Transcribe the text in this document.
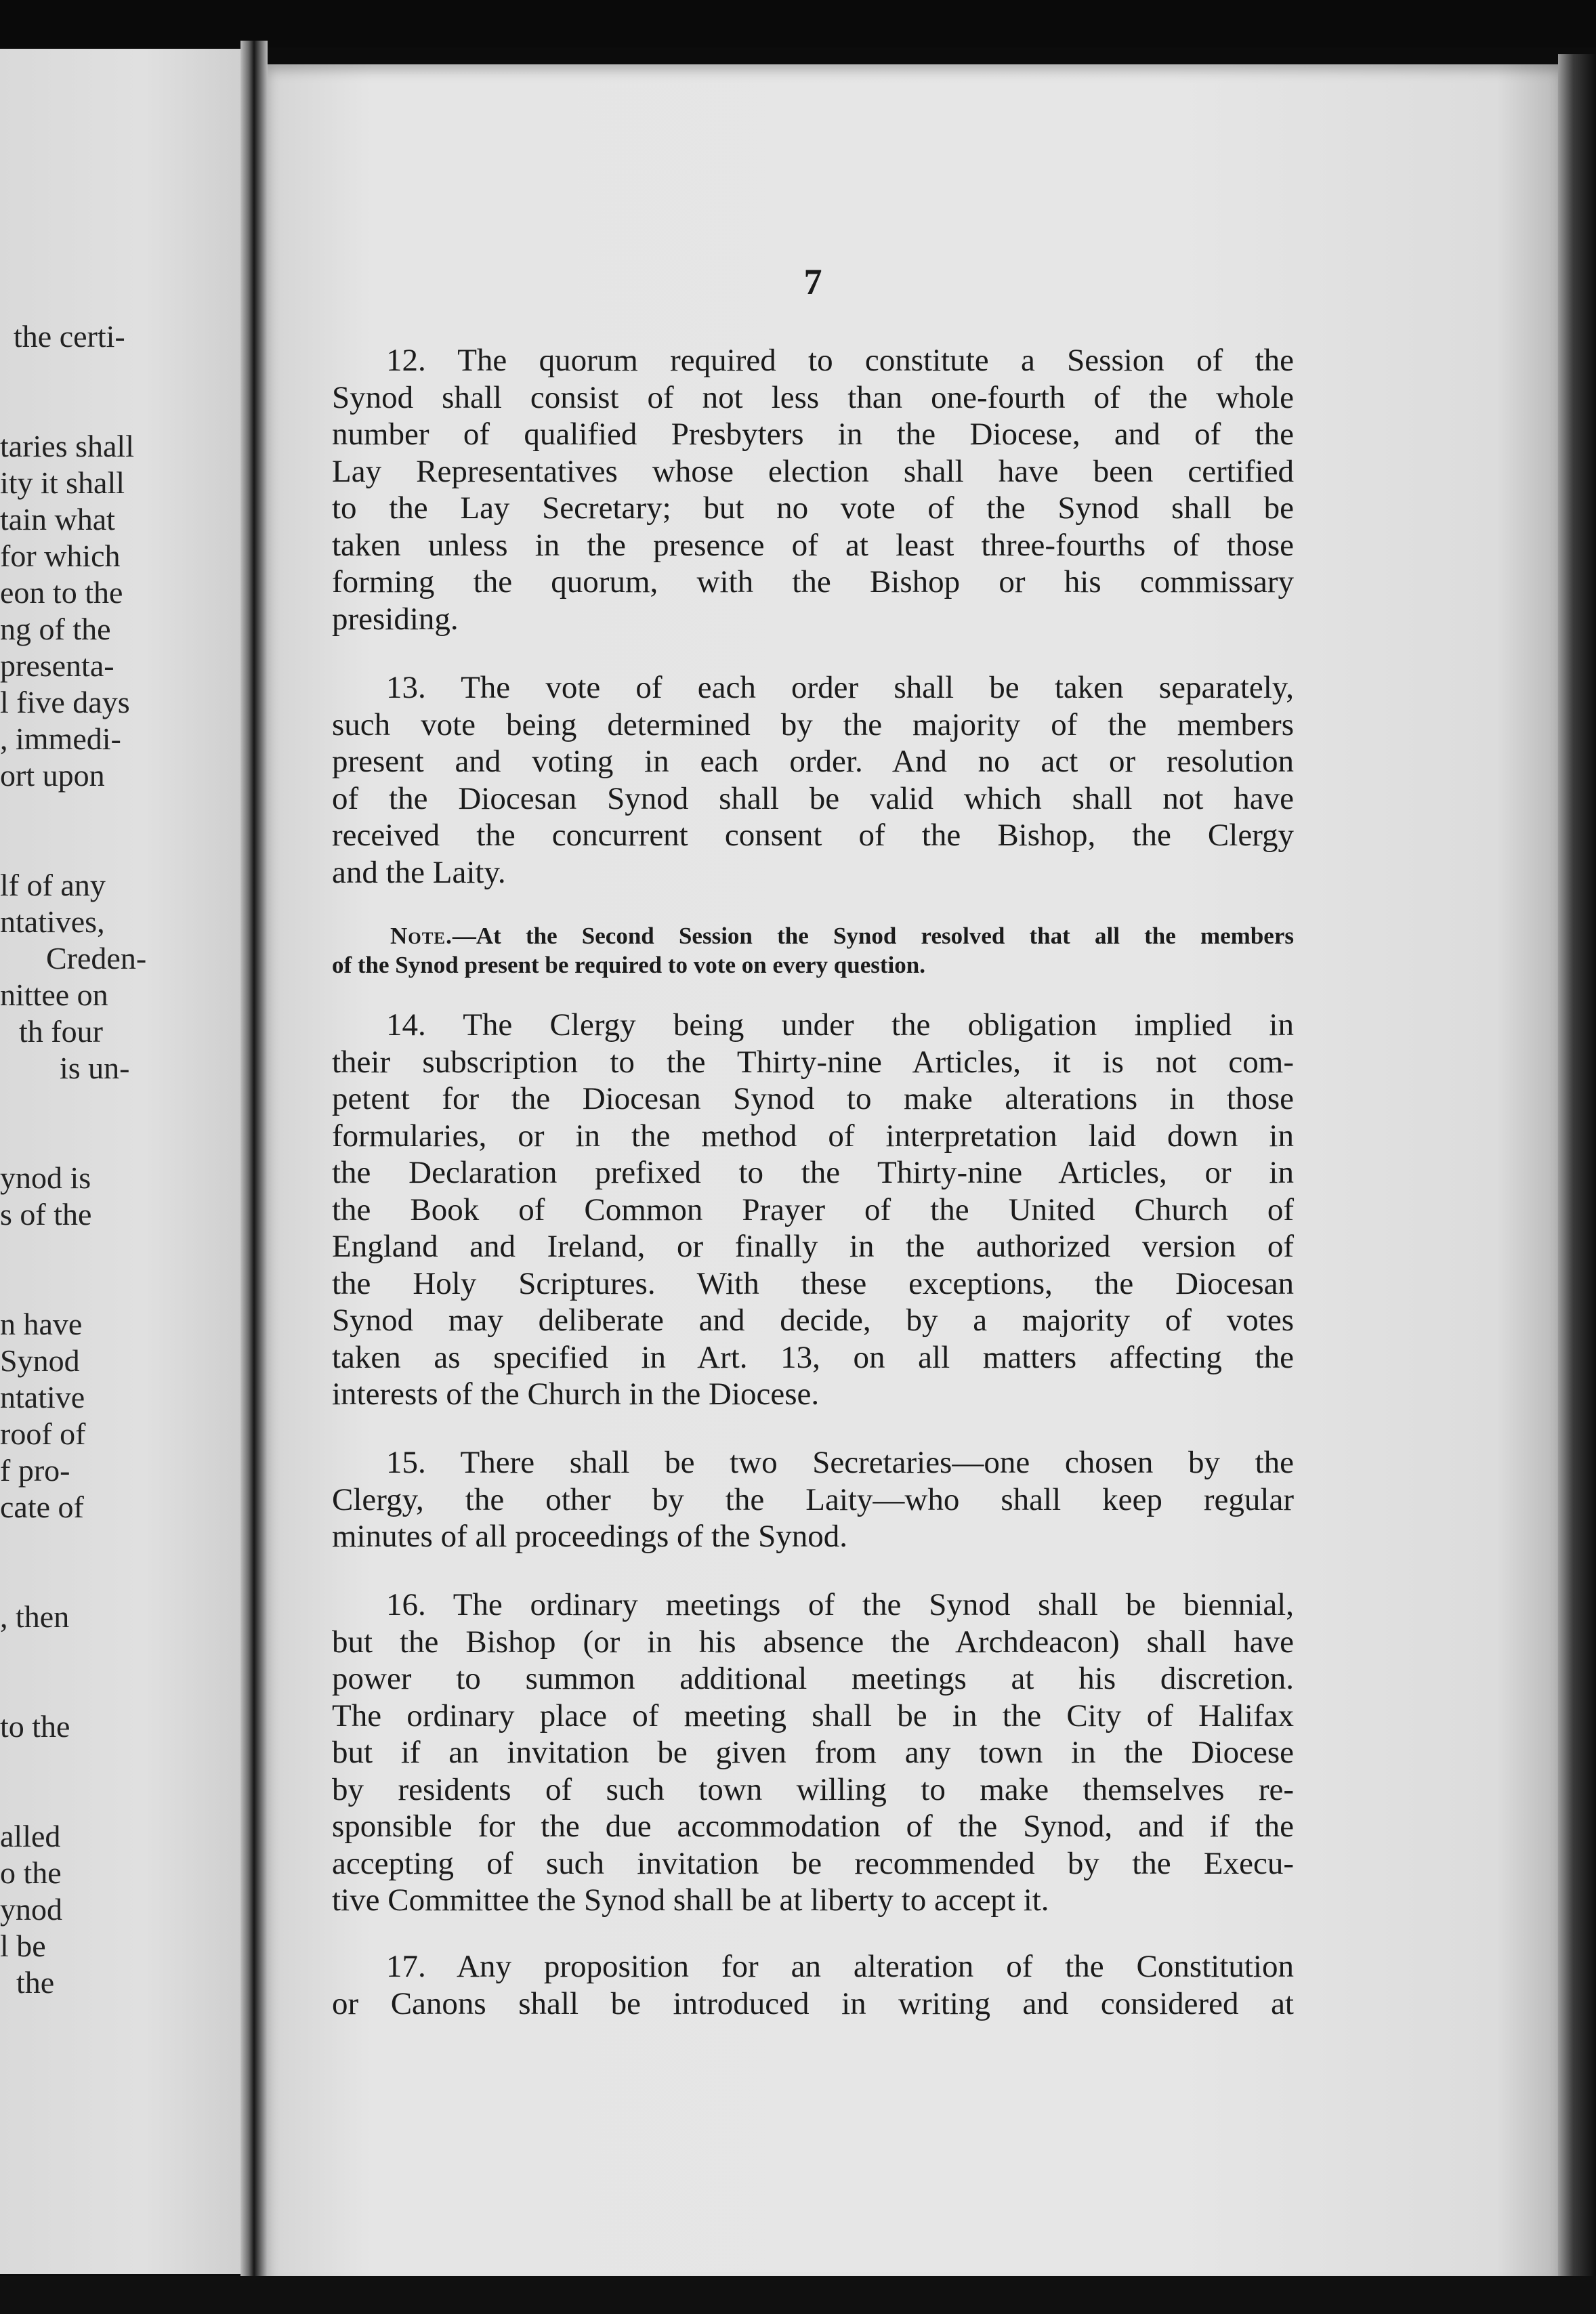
the certi-
taries shall
ity it shall
tain what
for which
eon to the
ng of the
presenta-
l five days
, immedi-
ort upon
lf of any
ntatives,
Creden-
nittee on
th four
is un-
ynod is
s of the
n have
Synod
ntative
roof of
f pro-
cate of
, then
to the
alled
o the
ynod
l be
the
7

12. The quorum required to constitute a Session of the

Synod shall consist of not less than one-fourth of the whole

number of qualified Presbyters in the Diocese, and of the

Lay Representatives whose election shall have been certified

to the Lay Secretary; but no vote of the Synod shall be

taken unless in the presence of at least three-fourths of those

forming the quorum, with the Bishop or his commissary

presiding.

13. The vote of each order shall be taken separately,

such vote being determined by the majority of the members

present and voting in each order. And no act or resolution

of the Diocesan Synod shall be valid which shall not have

received the concurrent consent of the Bishop, the Clergy

and the Laity.

Note.—At the Second Session the Synod resolved that all the members

of the Synod present be required to vote on every question.

14. The Clergy being under the obligation implied in

their subscription to the Thirty-nine Articles, it is not com-

petent for the Diocesan Synod to make alterations in those

formularies, or in the method of interpretation laid down in

the Declaration prefixed to the Thirty-nine Articles, or in

the Book of Common Prayer of the United Church of

England and Ireland, or finally in the authorized version of

the Holy Scriptures. With these exceptions, the Diocesan

Synod may deliberate and decide, by a majority of votes

taken as specified in Art. 13, on all matters affecting the

interests of the Church in the Diocese.

15. There shall be two Secretaries—one chosen by the

Clergy, the other by the Laity—who shall keep regular

minutes of all proceedings of the Synod.

16. The ordinary meetings of the Synod shall be biennial,

but the Bishop (or in his absence the Archdeacon) shall have

power to summon additional meetings at his discretion.

The ordinary place of meeting shall be in the City of Halifax

but if an invitation be given from any town in the Diocese

by residents of such town willing to make themselves re-

sponsible for the due accommodation of the Synod, and if the

accepting of such invitation be recommended by the Execu-

tive Committee the Synod shall be at liberty to accept it.

17. Any proposition for an alteration of the Constitution

or Canons shall be introduced in writing and considered at
